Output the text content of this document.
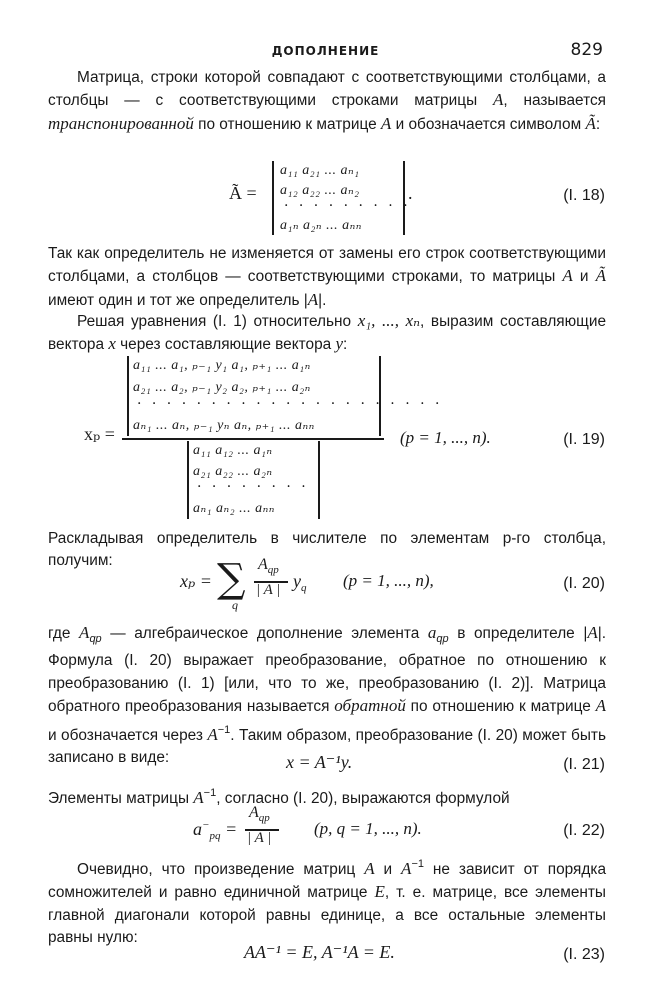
ДОПОЛНЕНИЕ	829

Матрица, строки которой совпадают с соответствующими столбцами, а столбцы — с соответствующими строками матрицы A, называется транспонированной по отношению к матрице A и обозначается символом Ã:

Ã =
a₁₁ a₂₁ ... aₙ₁
a₁₂ a₂₂ ... aₙ₂
· · · · · · · · ·
a₁ₙ a₂ₙ ... aₙₙ
.	(I. 18)

Так как определитель не изменяется от замены его строк соответствующими столбцами, а столбцов — соответствующими строками, то матрицы A и Ã имеют один и тот же определитель |A|.

Решая уравнения (I. 1) относительно x₁, ..., xₙ, выразим составляющие вектора x через составляющие вектора y:

xₚ =
a₁₁ ... a₁, ₚ₋₁ y₁ a₁, ₚ₊₁ ... a₁ₙ
a₂₁ ... a₂, ₚ₋₁ y₂ a₂, ₚ₊₁ ... a₂ₙ
· · · · · · · · · · · · · · · · · · · · ·
aₙ₁ ... aₙ, ₚ₋₁ yₙ aₙ, ₚ₊₁ ... aₙₙ
a₁₁ a₁₂ ... a₁ₙ
a₂₁ a₂₂ ... a₂ₙ
· · · · · · · ·
aₙ₁ aₙ₂ ... aₙₙ
(p = 1, ..., n).	(I. 19)

Раскладывая определитель в числителе по элементам p-го столбца, получим:

xₚ = ∑
q
$A_{qp}$
| A | $y_q$ (p = 1, ..., n),	(I. 20)

где $A_{qp}$ — алгебраическое дополнение элемента $a_{qp}$ в определителе |A|. Формула (I. 20) выражает преобразование, обратное по отношению к преобразованию (I. 1) [или, что то же, преобразованию (I. 2)]. Матрица обратного преобразования называется обратной по отношению к матрице A и обозначается через $A^{-1}$. Таким образом, преобразование (I. 20) может быть записано в виде:	x = A⁻¹y.	(I. 21)

Элементы матрицы $A^{-1}$, согласно (I. 20), выражаются формулой

$a^-_{pq}$ =
$A_{qp}$
| A |	(p, q = 1, ..., n).	(I. 22)

Очевидно, что произведение матриц A и $A^{-1}$ не зависит от порядка сомножителей и равно единичной матрице E, т. е. матрице, все элементы главной диагонали которой равны единице, а все остальные элементы равны нулю:

AA⁻¹ = E, A⁻¹A = E.	(I. 23)
